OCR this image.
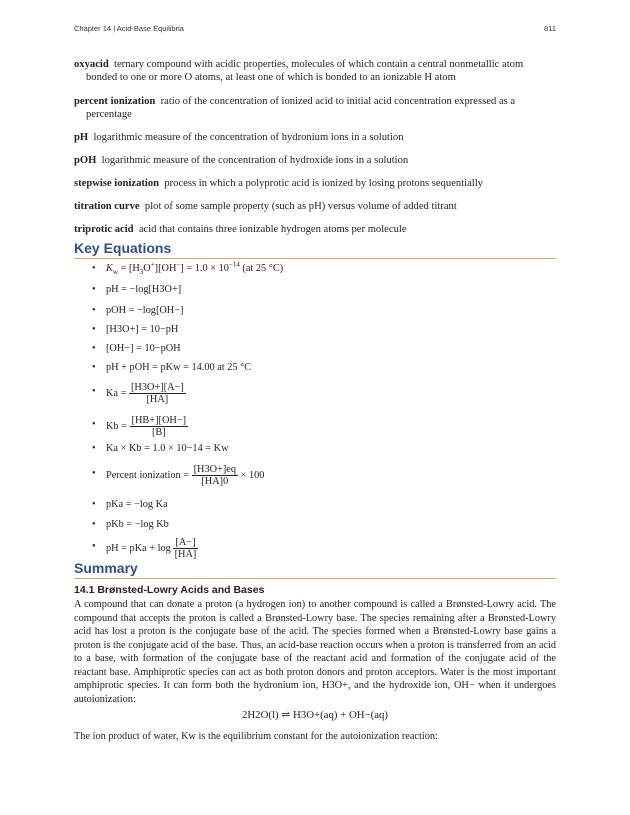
Chapter 14 | Acid-Base Equilibria	811

oxyacid ternary compound with acidic properties, molecules of which contain a central nonmetallic atom bonded to one or more O atoms, at least one of which is bonded to an ionizable H atom

percent ionization ratio of the concentration of ionized acid to initial acid concentration expressed as a percentage

pH logarithmic measure of the concentration of hydronium ions in a solution

pOH logarithmic measure of the concentration of hydroxide ions in a solution

stepwise ionization process in which a polyprotic acid is ionized by losing protons sequentially

titration curve plot of some sample property (such as pH) versus volume of added titrant

triprotic acid acid that contains three ionizable hydrogen atoms per molecule

Key Equations
• $K_w = [H_3O^+][OH^-] = 1.0 \times 10^{-14}$ (at 25 °C)
• pH = −log[H3O+]
• pOH = −log[OH−]
• [H3O+] = 10−pH
• [OH−] = 10−pOH
• pH + pOH = pKw = 14.00 at 25 °C
• $Ka = \frac{[H3O+][A-]}{[HA]}$
• $Kb = \frac{[HB+][OH-]}{[B]}$
• Ka × Kb = 1.0 × 10−14 = Kw
• Percent ionization = $\frac{[H3O+]eq}{[HA]0} \times 100$
• pKa = −log Ka
• pKb = −log Kb
• pH = pKa + $\log \frac{[A-]}{[HA]}$
Summary
14.1 Brønsted-Lowry Acids and Bases

A compound that can donate a proton (a hydrogen ion) to another compound is called a Brønsted-Lowry acid. The compound that accepts the proton is called a Brønsted-Lowry base. The species remaining after a Brønsted-Lowry acid has lost a proton is the conjugate base of the acid. The species formed when a Brønsted-Lowry base gains a proton is the conjugate acid of the base. Thus, an acid-base reaction occurs when a proton is transferred from an acid to a base, with formation of the conjugate base of the reactant acid and formation of the conjugate acid of the reactant base. Amphiprotic species can act as both proton donors and proton acceptors. Water is the most important amphiprotic species. It can form both the hydronium ion, H3O+, and the hydroxide ion, OH− when it undergoes autoionization:

2H2O(l) ⇌ H3O+(aq) + OH−(aq)

The ion product of water, Kw is the equilibrium constant for the autoionization reaction:
